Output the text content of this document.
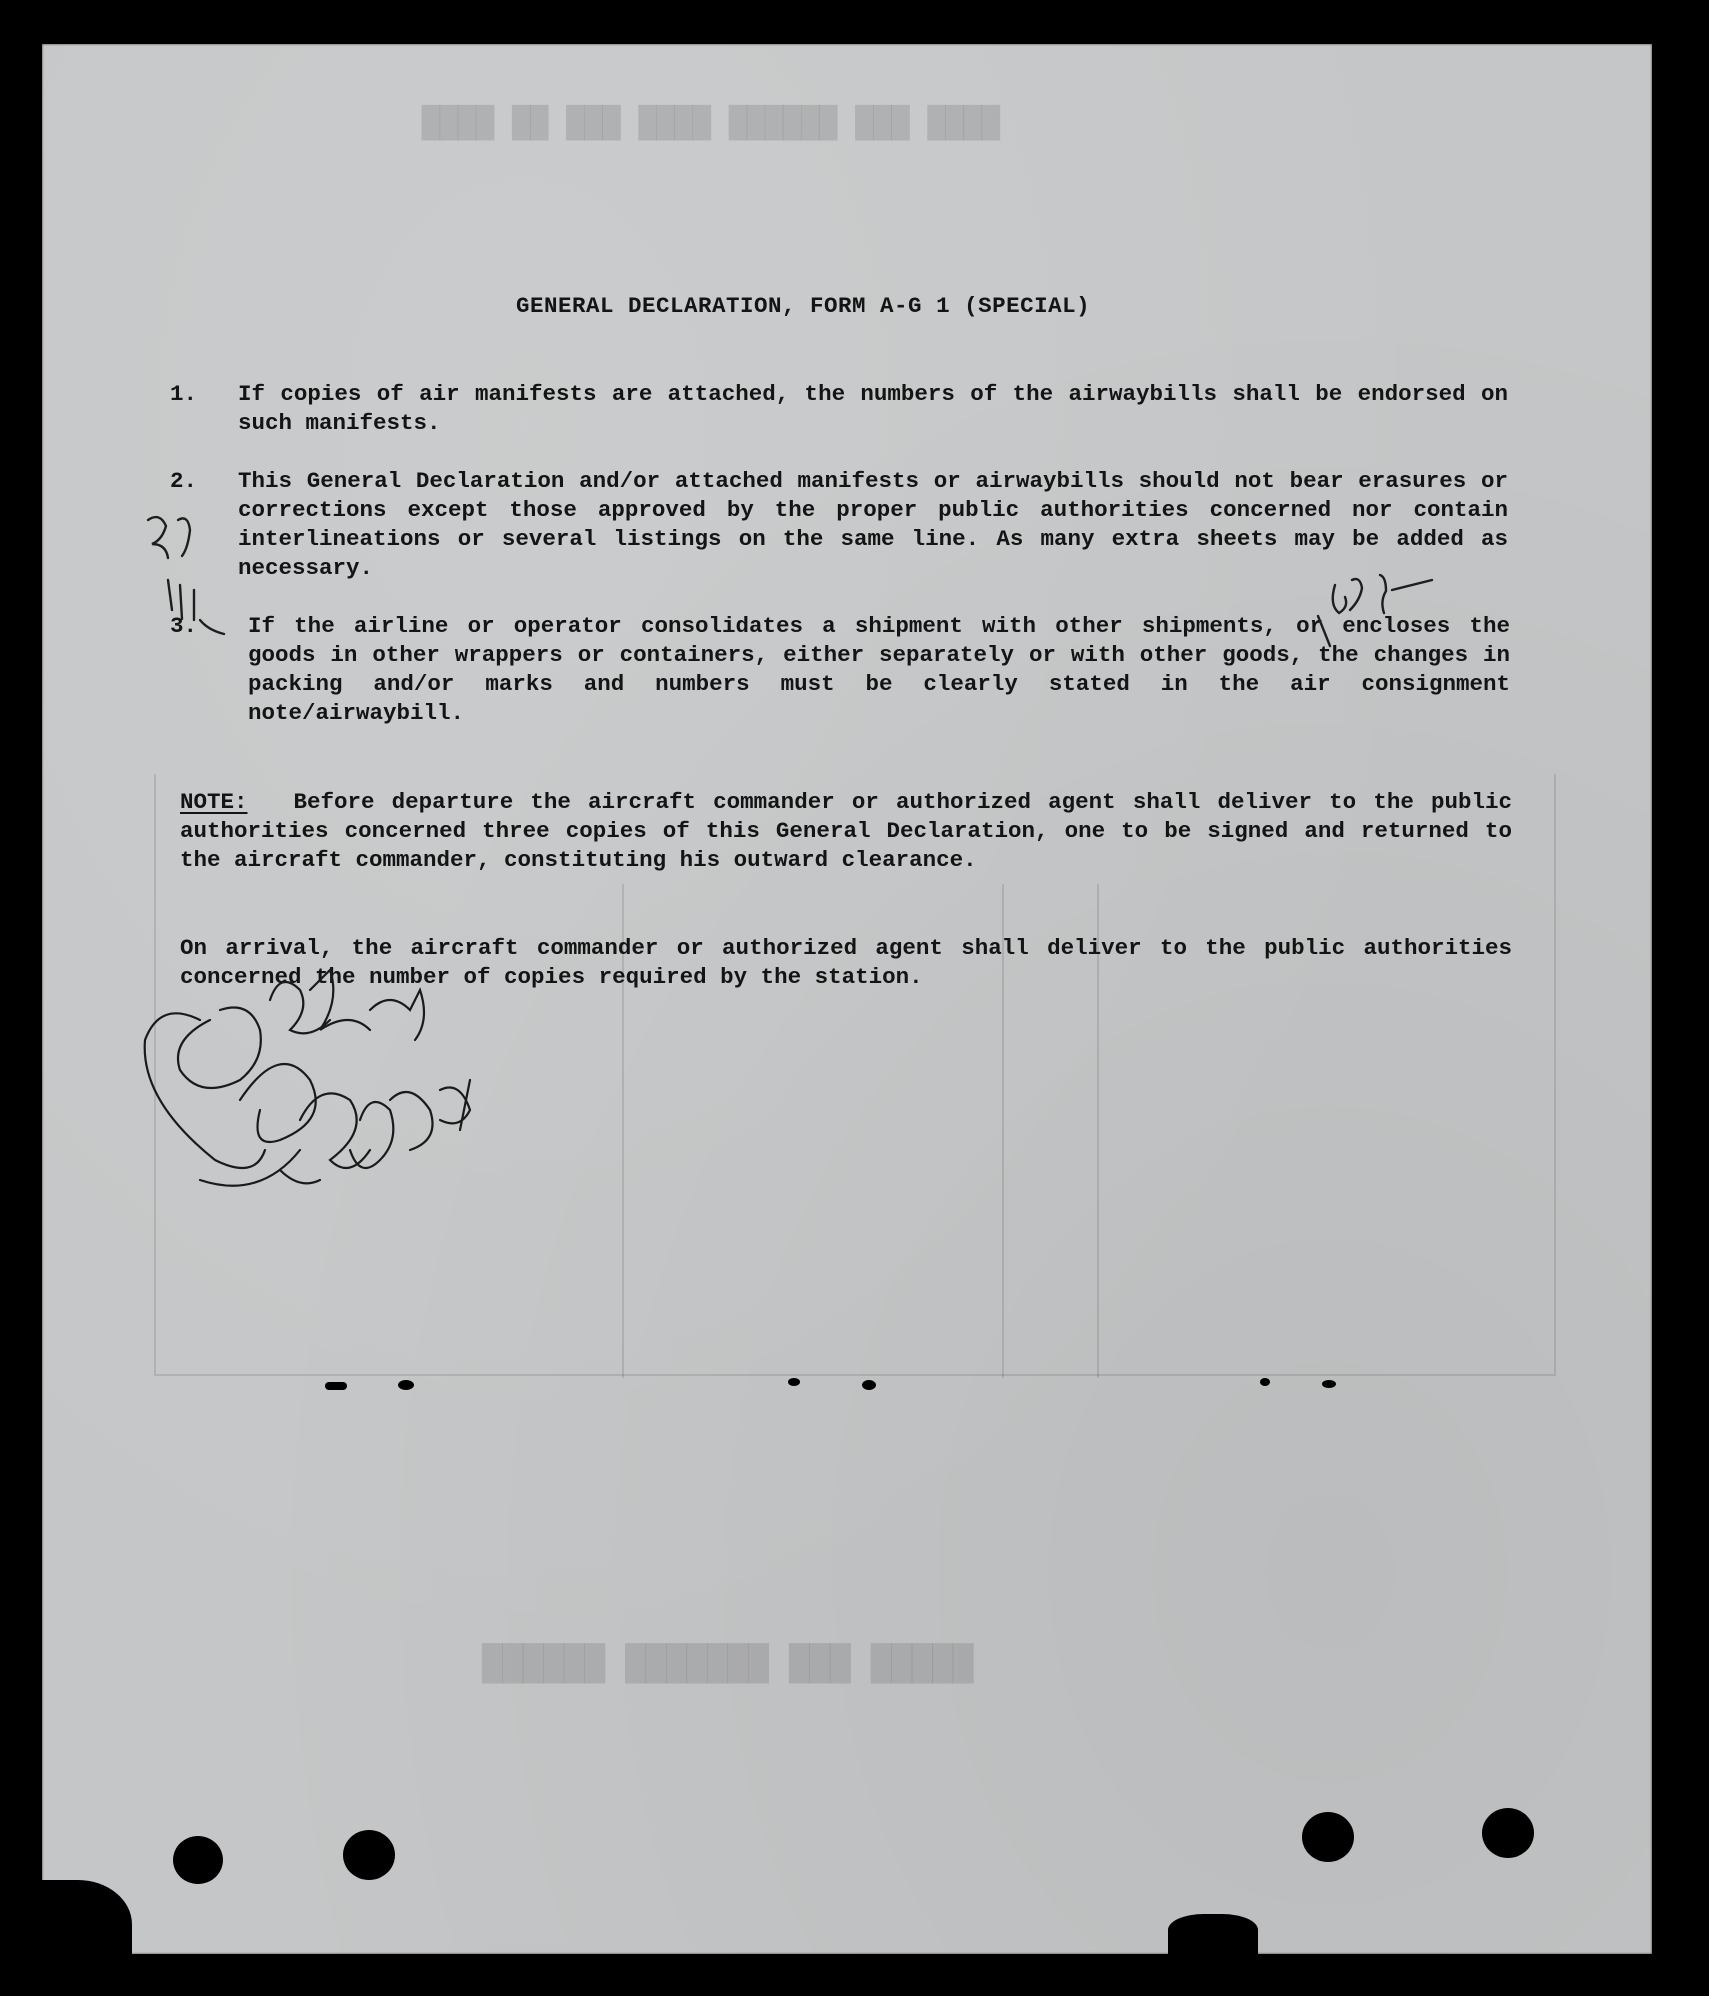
████ ███ ██████ ████ ███ ██ ████
█████ ███ ███████ ██████
GENERAL DECLARATION, FORM A-G 1 (SPECIAL)
1. If copies of air manifests are attached, the numbers of the airwaybills shall be endorsed on such manifests.
2. This General Declaration and/or attached manifests or airwaybills should not bear erasures or corrections except those approved by the proper public authorities concerned nor contain interlineations or several listings on the same line. As many extra sheets may be added as necessary.
3. If the airline or operator consolidates a shipment with other shipments, or encloses the goods in other wrappers or containers, either separately or with other goods, the changes in packing and/or marks and numbers must be clearly stated in the air consignment note/airwaybill.
NOTE: Before departure the aircraft commander or authorized agent shall deliver to the public authorities concerned three copies of this General Declaration, one to be signed and returned to the aircraft commander, constituting his outward clearance.
On arrival, the aircraft commander or authorized agent shall deliver to the public authorities concerned the number of copies required by the station.
